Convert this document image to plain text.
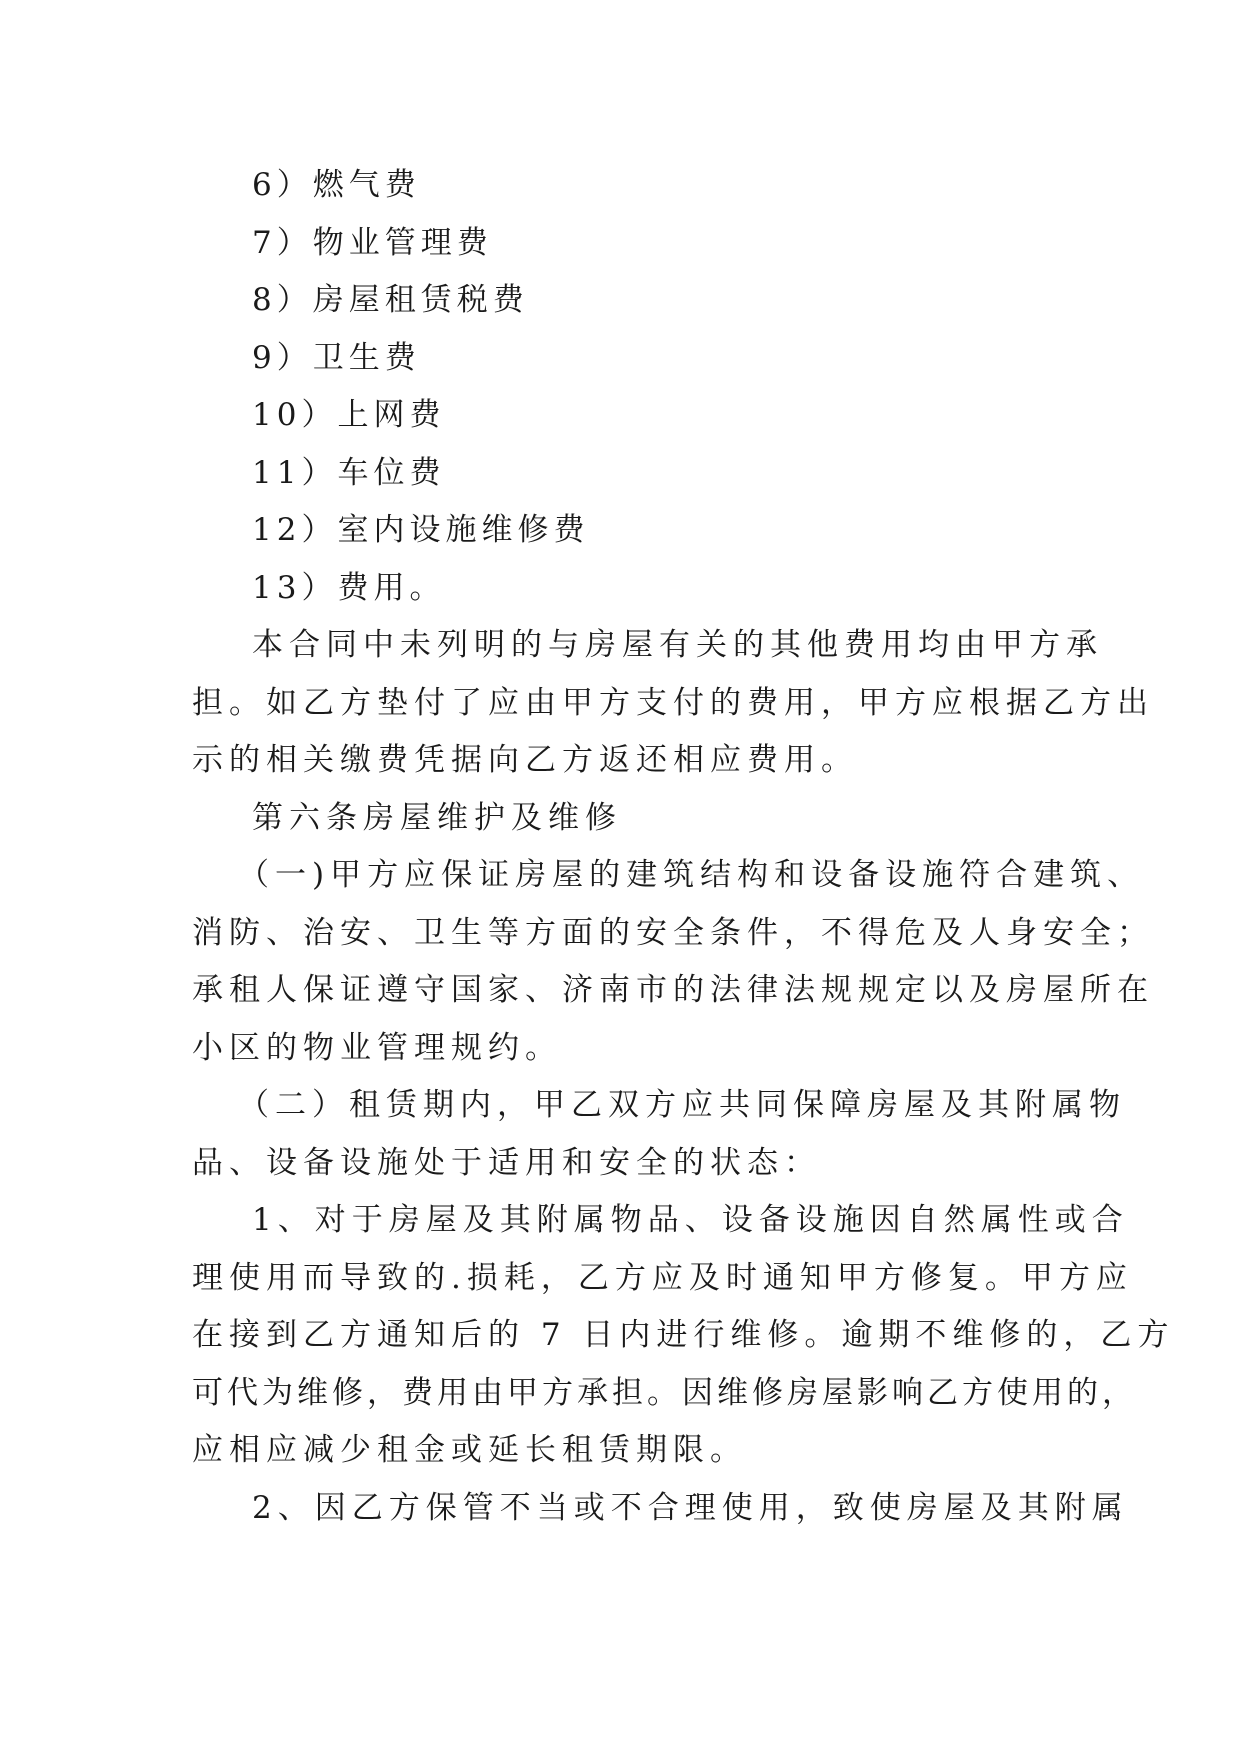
6）燃气费
7）物业管理费
8）房屋租赁税费
9）卫生费
10）上网费
11）车位费
12）室内设施维修费
13）费用。
本合同中未列明的与房屋有关的其他费用均由甲方承
担。如乙方垫付了应由甲方支付的费用，甲方应根据乙方出
示的相关缴费凭据向乙方返还相应费用。
第六条房屋维护及维修
（一)甲方应保证房屋的建筑结构和设备设施符合建筑、
消防、治安、卫生等方面的安全条件，不得危及人身安全；
承租人保证遵守国家、济南市的法律法规规定以及房屋所在
小区的物业管理规约。
（二）租赁期内，甲乙双方应共同保障房屋及其附属物
品、设备设施处于适用和安全的状态：
1、对于房屋及其附属物品、设备设施因自然属性或合
理使用而导致的.损耗，乙方应及时通知甲方修复。甲方应
在接到乙方通知后的 7 日内进行维修。逾期不维修的，乙方
可代为维修，费用由甲方承担。因维修房屋影响乙方使用的，
应相应减少租金或延长租赁期限。
2、因乙方保管不当或不合理使用，致使房屋及其附属
